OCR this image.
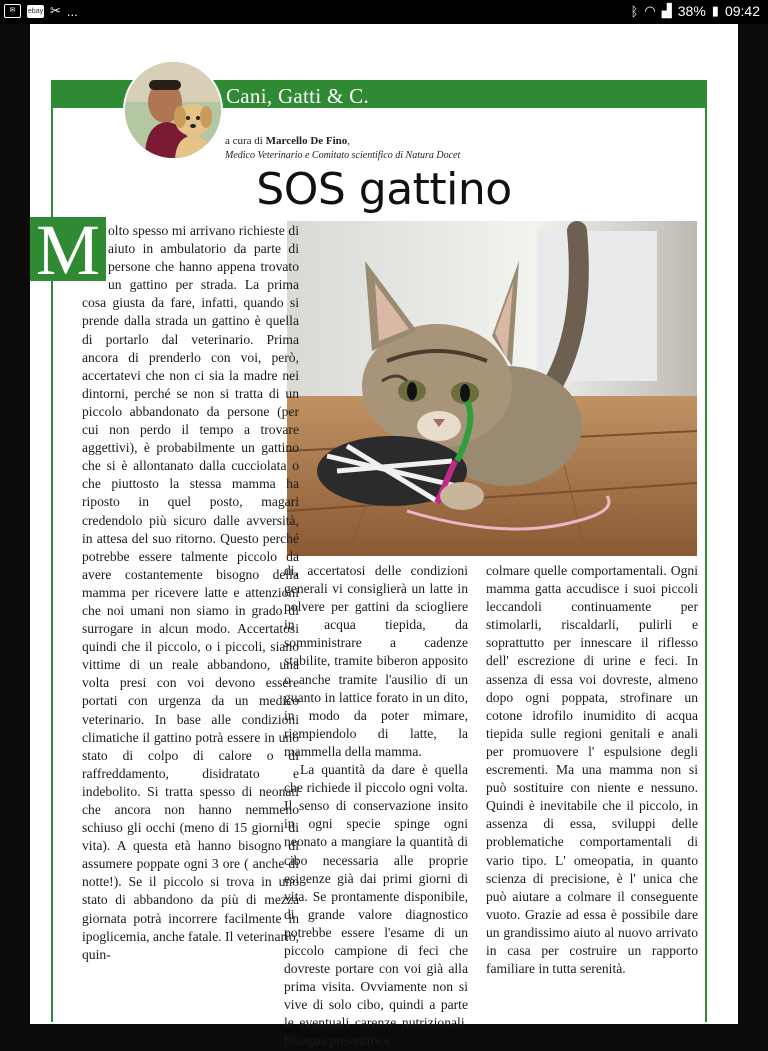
✉	ebay ✂ ...	ᛒ ◠ ▟ 38% ▮ 09:42
Cani, Gatti & C.
a cura di Marcello De Fino,
Medico Veterinario e Comitato scientifico di Natura Docet
SOS gattino
M olto spesso mi arrivano richieste di aiuto in ambulatorio da parte di persone che hanno appena trovato un gattino per strada. La prima cosa giusta da fare, infatti, quando si prende dalla strada un gattino è quella di portarlo dal veterinario. Prima ancora di prenderlo con voi, però, accertatevi che non ci sia la madre nei dintorni, perché se non si tratta di un piccolo abbandonato da persone (per cui non perdo il tempo a trovare aggettivi), è probabilmente un gattino che si è allontanato dalla cucciolata o che piuttosto la stessa mamma ha riposto in quel posto, magari credendolo più sicuro dalle avversità, in attesa del suo ritorno. Questo perché potrebbe essere talmente piccolo da avere costantemente bisogno della mamma per ricevere latte e attenzioni che noi umani non siamo in grado di surrogare in alcun modo. Accertatosi quindi che il piccolo, o i piccoli, siano vittime di un reale abbandono, una volta presi con voi devono essere portati con urgenza da un medico veterinario. In base alle condizioni climatiche il gattino potrà essere in uno stato di colpo di calore o di raffreddamento, disidratato e indebolito. Si tratta spesso di neonati che ancora non hanno nemmeno schiuso gli occhi (meno di 15 giorni di vita). A questa età hanno bisogno di assumere poppate ogni 3 ore ( anche di notte!). Se il piccolo si trova in uno stato di abbandono da più di mezza giornata potrà incorrere facilmente in ipoglicemia, anche fatale. Il veterinario, quin-

di, accertatosi delle condizioni generali vi consiglierà un latte in polvere per gattini da sciogliere in acqua tiepida, da somministrare a cadenze stabilite, tramite biberon apposito o anche tramite l'ausilio di un guanto in lattice forato in un dito, in modo da poter mimare, riempiendolo di latte, la mammella della mamma.

La quantità da dare è quella che richiede il piccolo ogni volta. Il senso di conservazione insito in ogni specie spinge ogni neonato a mangiare la quantità di cibo necessaria alle proprie esigenze già dai primi giorni di vita. Se prontamente disponibile, di grande valore diagnostico potrebbe essere l'esame di un piccolo campione di feci che dovreste portare con voi già alla prima visita. Ovviamente non si vive di solo cibo, quindi a parte le eventuali carenze nutrizionali, bisogna prevenire e

colmare quelle comportamentali. Ogni mamma gatta accudisce i suoi piccoli leccandoli continuamente per stimolarli, riscaldarli, pulirli e soprattutto per innescare il riflesso dell' escrezione di urine e feci. In assenza di essa voi dovreste, almeno dopo ogni poppata, strofinare un cotone idrofilo inumidito di acqua tiepida sulle regioni genitali e anali per promuovere l' espulsione degli escrementi. Ma una mamma non si può sostituire con niente e nessuno. Quindi è inevitabile che il piccolo, in assenza di essa, sviluppi delle problematiche comportamentali di vario tipo. L' omeopatia, in quanto scienza di precisione, è l' unica che può aiutare a colmare il conseguente vuoto. Grazie ad essa è possibile dare un grandissimo aiuto al nuovo arrivato in casa per costruire un rapporto familiare in tutta serenità.
